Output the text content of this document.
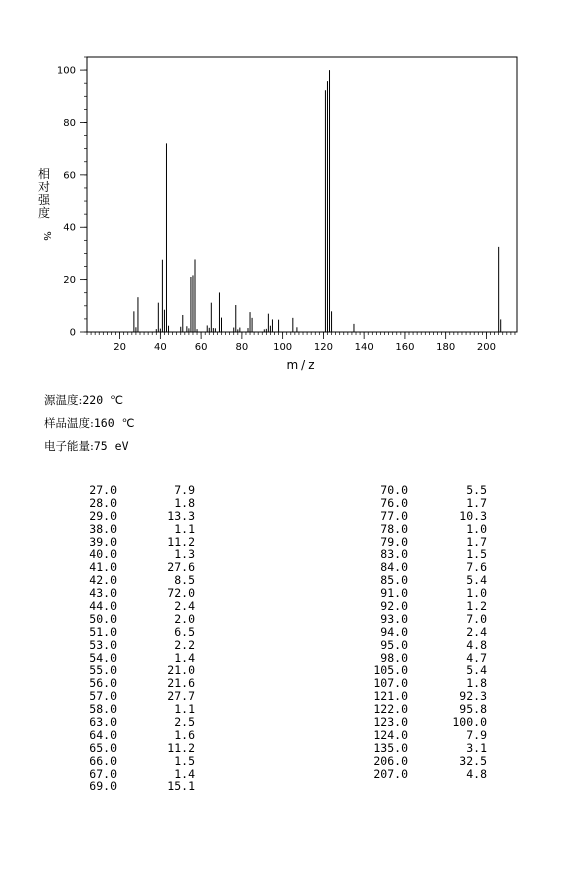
20	40	60	80 100 120 140 160 180 200
0
20
40
60
80
100
m/z
相
对
强
度
%
源温度:220 ℃
样品温度:160 ℃
电子能量:75 eV
27.0	7.9
28.0	1.8
29.0	13.3
38.0	1.1
39.0	11.2
40.0	1.3
41.0	27.6
42.0	8.5
43.0	72.0
44.0	2.4
50.0	2.0
51.0	6.5
53.0	2.2
54.0	1.4
55.0	21.0
56.0	21.6
57.0	27.7
58.0	1.1
63.0	2.5
64.0	1.6
65.0	11.2
66.0	1.5
67.0	1.4
69.0	15.1
70.0	5.5
76.0	1.7
77.0	10.3
78.0	1.0
79.0	1.7
83.0	1.5
84.0	7.6
85.0	5.4
91.0	1.0
92.0	1.2
93.0	7.0
94.0	2.4
95.0	4.8
98.0	4.7
105.0	5.4
107.0	1.8
121.0	92.3
122.0	95.8
123.0	100.0
124.0	7.9
135.0	3.1
206.0	32.5
207.0	4.8
